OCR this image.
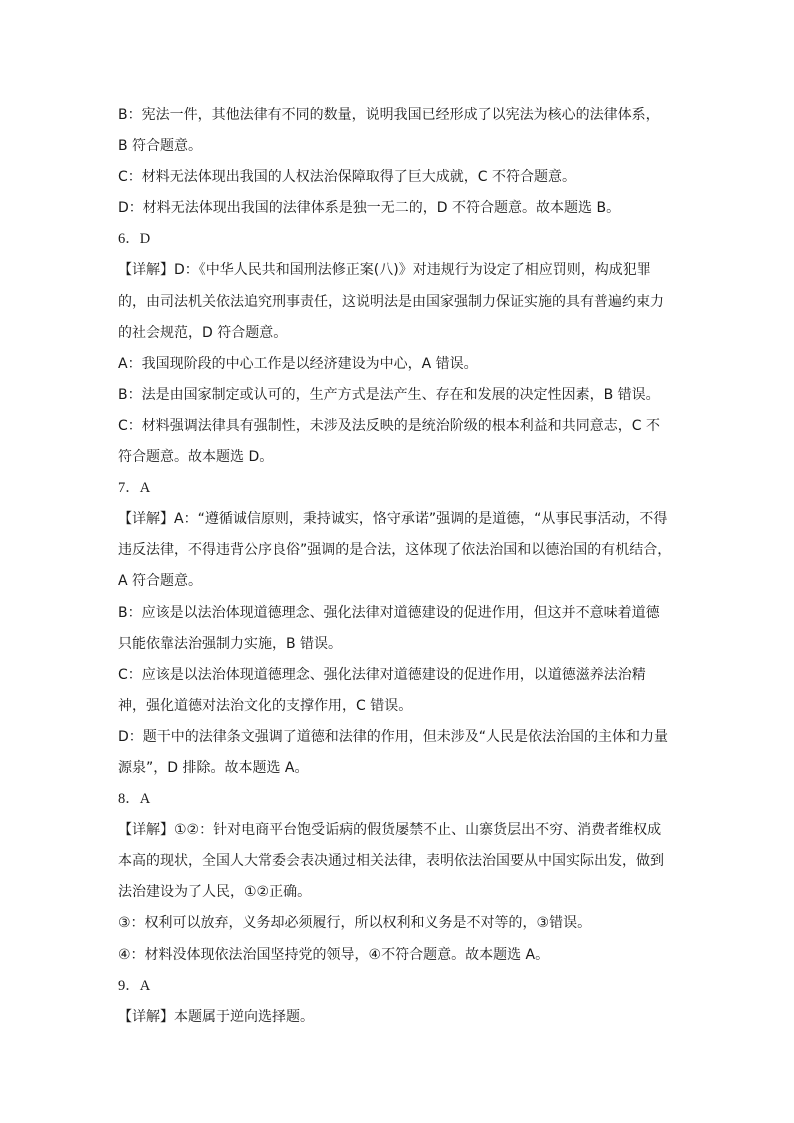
B：宪法一件，其他法律有不同的数量，说明我国已经形成了以宪法为核心的法律体系，
B 符合题意。
C：材料无法体现出我国的人权法治保障取得了巨大成就，C 不符合题意。
D：材料无法体现出我国的法律体系是独一无二的，D 不符合题意。故本题选 B。
6．D
【详解】D：《中华人民共和国刑法修正案(八)》对违规行为设定了相应罚则，构成犯罪
的，由司法机关依法追究刑事责任，这说明法是由国家强制力保证实施的具有普遍约束力
的社会规范，D 符合题意。
A：我国现阶段的中心工作是以经济建设为中心，A 错误。
B：法是由国家制定或认可的，生产方式是法产生、存在和发展的决定性因素，B 错误。
C：材料强调法律具有强制性，未涉及法反映的是统治阶级的根本利益和共同意志，C 不
符合题意。故本题选 D。
7．A
【详解】A：“遵循诚信原则，秉持诚实，恪守承诺”强调的是道德，“从事民事活动，不得
违反法律，不得违背公序良俗”强调的是合法，这体现了依法治国和以德治国的有机结合，
A 符合题意。
B：应该是以法治体现道德理念、强化法律对道德建设的促进作用，但这并不意味着道德
只能依靠法治强制力实施，B 错误。
C：应该是以法治体现道德理念、强化法律对道德建设的促进作用，以道德滋养法治精
神，强化道德对法治文化的支撑作用，C 错误。
D：题干中的法律条文强调了道德和法律的作用，但未涉及“人民是依法治国的主体和力量
源泉”，D 排除。故本题选 A。
8．A
【详解】①②：针对电商平台饱受诟病的假货屡禁不止、山寨货层出不穷、消费者维权成
本高的现状，全国人大常委会表决通过相关法律，表明依法治国要从中国实际出发，做到
法治建设为了人民，①②正确。
③：权利可以放弃，义务却必须履行，所以权利和义务是不对等的，③错误。
④：材料没体现依法治国坚持党的领导，④不符合题意。故本题选 A。
9．A
【详解】本题属于逆向选择题。
